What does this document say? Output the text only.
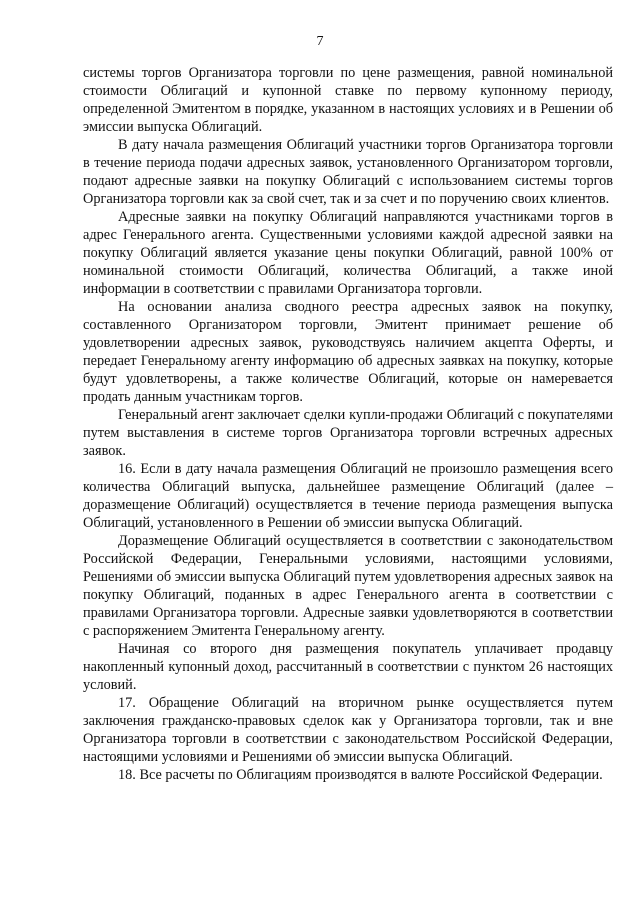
7

системы торгов Организатора торговли по цене размещения, равной номинальной стоимости Облигаций и купонной ставке по первому купонному периоду, определенной Эмитентом в порядке, указанном в настоящих условиях и в Решении об эмиссии выпуска Облигаций.

В дату начала размещения Облигаций участники торгов Организатора торговли в течение периода подачи адресных заявок, установленного Организатором торговли, подают адресные заявки на покупку Облигаций с использованием системы торгов Организатора торговли как за свой счет, так и за счет и по поручению своих клиентов.

Адресные заявки на покупку Облигаций направляются участниками торгов в адрес Генерального агента. Существенными условиями каждой адресной заявки на покупку Облигаций является указание цены покупки Облигаций, равной 100% от номинальной стоимости Облигаций, количества Облигаций, а также иной информации в соответствии с правилами Организатора торговли.

На основании анализа сводного реестра адресных заявок на покупку, составленного Организатором торговли, Эмитент принимает решение об удовлетворении адресных заявок, руководствуясь наличием акцепта Оферты, и передает Генеральному агенту информацию об адресных заявках на покупку, которые будут удовлетворены, а также количестве Облигаций, которые он намеревается продать данным участникам торгов.

Генеральный агент заключает сделки купли-продажи Облигаций с покупателями путем выставления в системе торгов Организатора торговли встречных адресных заявок.

16. Если в дату начала размещения Облигаций не произошло размещения всего количества Облигаций выпуска, дальнейшее размещение Облигаций (далее – доразмещение Облигаций) осуществляется в течение периода размещения выпуска Облигаций, установленного в Решении об эмиссии выпуска Облигаций.

Доразмещение Облигаций осуществляется в соответствии с законодательством Российской Федерации, Генеральными условиями, настоящими условиями, Решениями об эмиссии выпуска Облигаций путем удовлетворения адресных заявок на покупку Облигаций, поданных в адрес Генерального агента в соответствии с правилами Организатора торговли. Адресные заявки удовлетворяются в соответствии с распоряжением Эмитента Генеральному агенту.

Начиная со второго дня размещения покупатель уплачивает продавцу накопленный купонный доход, рассчитанный в соответствии с пунктом 26 настоящих условий.

17. Обращение Облигаций на вторичном рынке осуществляется путем заключения гражданско-правовых сделок как у Организатора торговли, так и вне Организатора торговли в соответствии с законодательством Российской Федерации, настоящими условиями и Решениями об эмиссии выпуска Облигаций.

18. Все расчеты по Облигациям производятся в валюте Российской Федерации.
